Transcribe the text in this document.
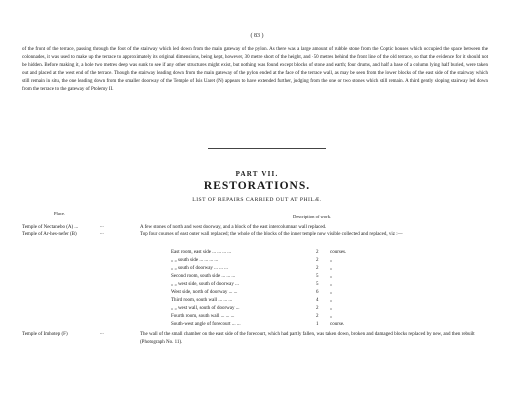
( 83 )
of the front of the terrace, passing through the foot of the stairway which led down from the main gateway of the pylon. As there was a large amount of rubble stone from the Coptic houses which occupied the space between the colonnades, it was used to make up the terrace to approximately its original dimensions, being kept, however, 30 metre short of the height, and ·50 metres behind the front line of the old terrace, so that the evidence for it should not be hidden. Before making it, a hole two metres deep was sunk to see if any other structures might exist, but nothing was found except blocks of stone and earth; four drums, and half a base of a column lying half buried, were taken out and placed at the west end of the terrace. Though the stairway leading down from the main gateway of the pylon ended at the face of the terrace wall, as may be seen from the lower blocks of the east side of the stairway which still remain in situ, the one leading down from the smaller doorway of the Temple of Isis Uaret (N) appears to have extended further, judging from the one or two stones which still remain. A third gently sloping stairway led down from the terrace to the gateway of Ptolemy II.
PART VII.
RESTORATIONS.
LIST OF REPAIRS CARRIED OUT AT PHILÆ.
Place.
Description of work.
Temple of Nectanebo (A) ...	...	A few stones of north and west doorway, and a block of the east intercolumnar wall replaced.
Temple of Ar-hes-nefer (B)	...	Top four courses of east outer wall replaced; the whole of the blocks of the inner temple now visible collected and replaced, viz :—
East room, east side ... ... ... ...	2 courses.
„ „ south side ... ... ... ...	2 „
„ „ south of doorway ... ... ...	2 „
Second room, south side ... ... ...	5 „
„ „ west side, south of doorway ...	5 „
West side, north of doorway ... ...	6 „
Third room, south wall ... ... ...	4 „
„ „ west wall, south of doorway ...	2 „
Fourth room, south wall ... ... ...	2 „
South-west angle of forecourt ... ...	1 course.
Temple of Imhotep (F)	...	The wall of the small chamber on the east side of the forecourt, which had partly fallen, was taken down, broken and damaged blocks replaced by new, and then rebuilt (Photograph No. 11).
